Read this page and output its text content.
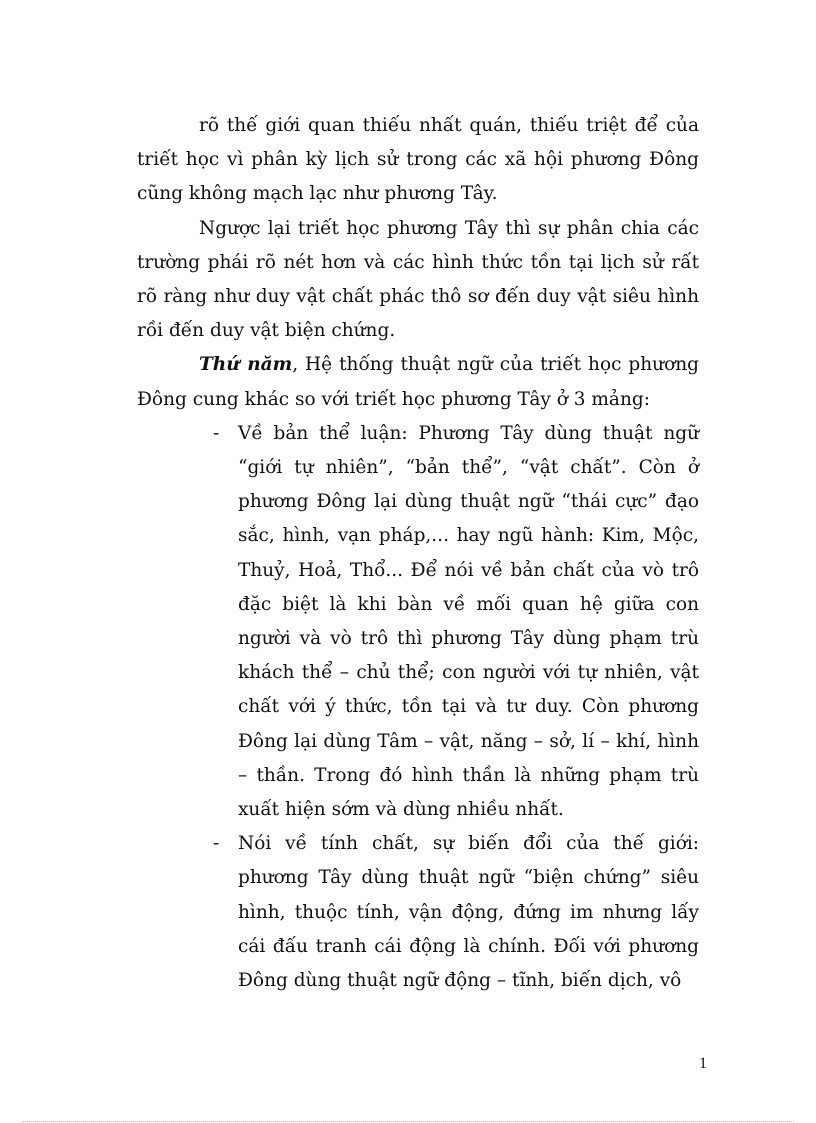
rõ thế giới quan thiếu nhất quán, thiếu triệt để của triết học vì phân kỳ lịch sử trong các xã hội phương Đông cũng không mạch lạc như phương Tây.

Ngược lại triết học phương Tây thì sự phân chia các trường phái rõ nét hơn và các hình thức tồn tại lịch sử rất rõ ràng như duy vật chất phác thô sơ đến duy vật siêu hình rồi đến duy vật biện chứng.

Thứ năm, Hệ thống thuật ngữ của triết học phương Đông cung khác so với triết học phương Tây ở 3 mảng:

- Về bản thể luận: Phương Tây dùng thuật ngữ “giới tự nhiên”, “bản thể”, “vật chất”. Còn ở phương Đông lại dùng thuật ngữ “thái cực” đạo sắc, hình, vạn pháp,... hay ngũ hành: Kim, Mộc, Thuỷ, Hoả, Thổ... Để nói về bản chất của vò trô đặc biệt là khi bàn về mối quan hệ giữa con người và vò trô thì phương Tây dùng phạm trù khách thể – chủ thể; con người với tự nhiên, vật chất với ý thức, tồn tại và tư duy. Còn phương Đông lại dùng Tâm – vật, năng – sở, lí – khí, hình – thần. Trong đó hình thần là những phạm trù xuất hiện sớm và dùng nhiều nhất.
- Nói về tính chất, sự biến đổi của thế giới: phương Tây dùng thuật ngữ “biện chứng” siêu hình, thuộc tính, vận động, đứng im nhưng lấy cái đấu tranh cái động là chính. Đối với phương Đông dùng thuật ngữ động – tĩnh, biến dịch, vô
1
